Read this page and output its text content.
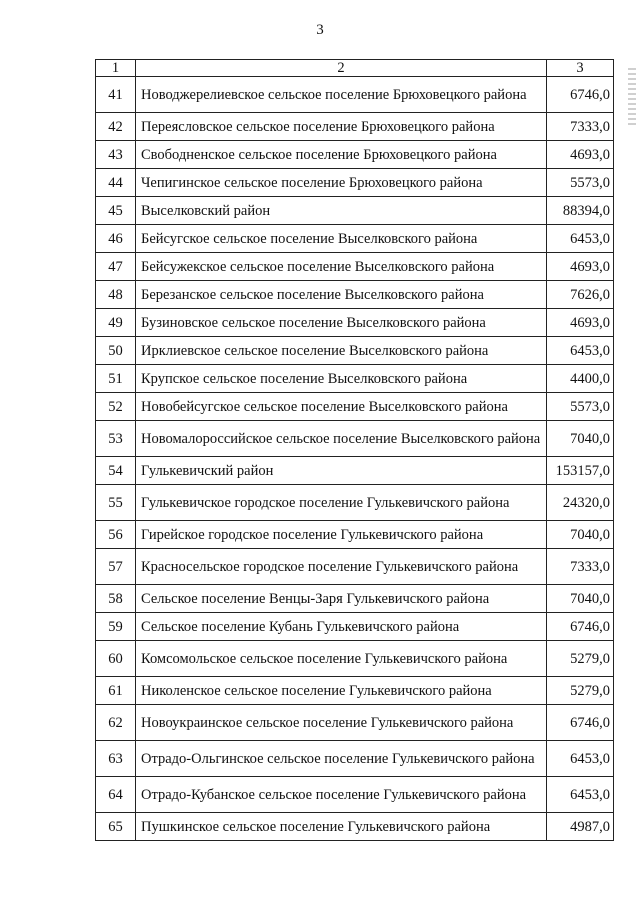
3
1	2	3
41	Новоджерелиевское сельское поселение Брюховецкого района	6746,0
42	Переясловское сельское поселение Брюховецкого района	7333,0
43	Свободненское сельское поселение Брюховецкого района	4693,0
44	Чепигинское сельское поселение Брюховецкого района	5573,0
45	Выселковский район	88394,0
46	Бейсугское сельское поселение Выселковского района	6453,0
47	Бейсужекское сельское поселение Выселковского района	4693,0
48	Березанское сельское поселение Выселковского района	7626,0
49	Бузиновское сельское поселение Выселковского района	4693,0
50	Ирклиевское сельское поселение Выселковского района	6453,0
51	Крупское сельское поселение Выселковского района	4400,0
52	Новобейсугское сельское поселение Выселковского района	5573,0
53	Новомалороссийское сельское поселение Выселковского района	7040,0
54	Гулькевичский район	153157,0
55	Гулькевичское городское поселение Гулькевичского района	24320,0
56	Гирейское городское поселение Гулькевичского района	7040,0
57	Красносельское городское поселение Гулькевичского района	7333,0
58	Сельское поселение Венцы-Заря Гулькевичского района	7040,0
59	Сельское поселение Кубань Гулькевичского района	6746,0
60	Комсомольское сельское поселение Гулькевичского района	5279,0
61	Николенское сельское поселение Гулькевичского района	5279,0
62	Новоукраинское сельское поселение Гулькевичского района	6746,0
63	Отрадо-Ольгинское сельское поселение Гулькевичского района	6453,0
64	Отрадо-Кубанское сельское поселение Гулькевичского района	6453,0
65	Пушкинское сельское поселение Гулькевичского района	4987,0
